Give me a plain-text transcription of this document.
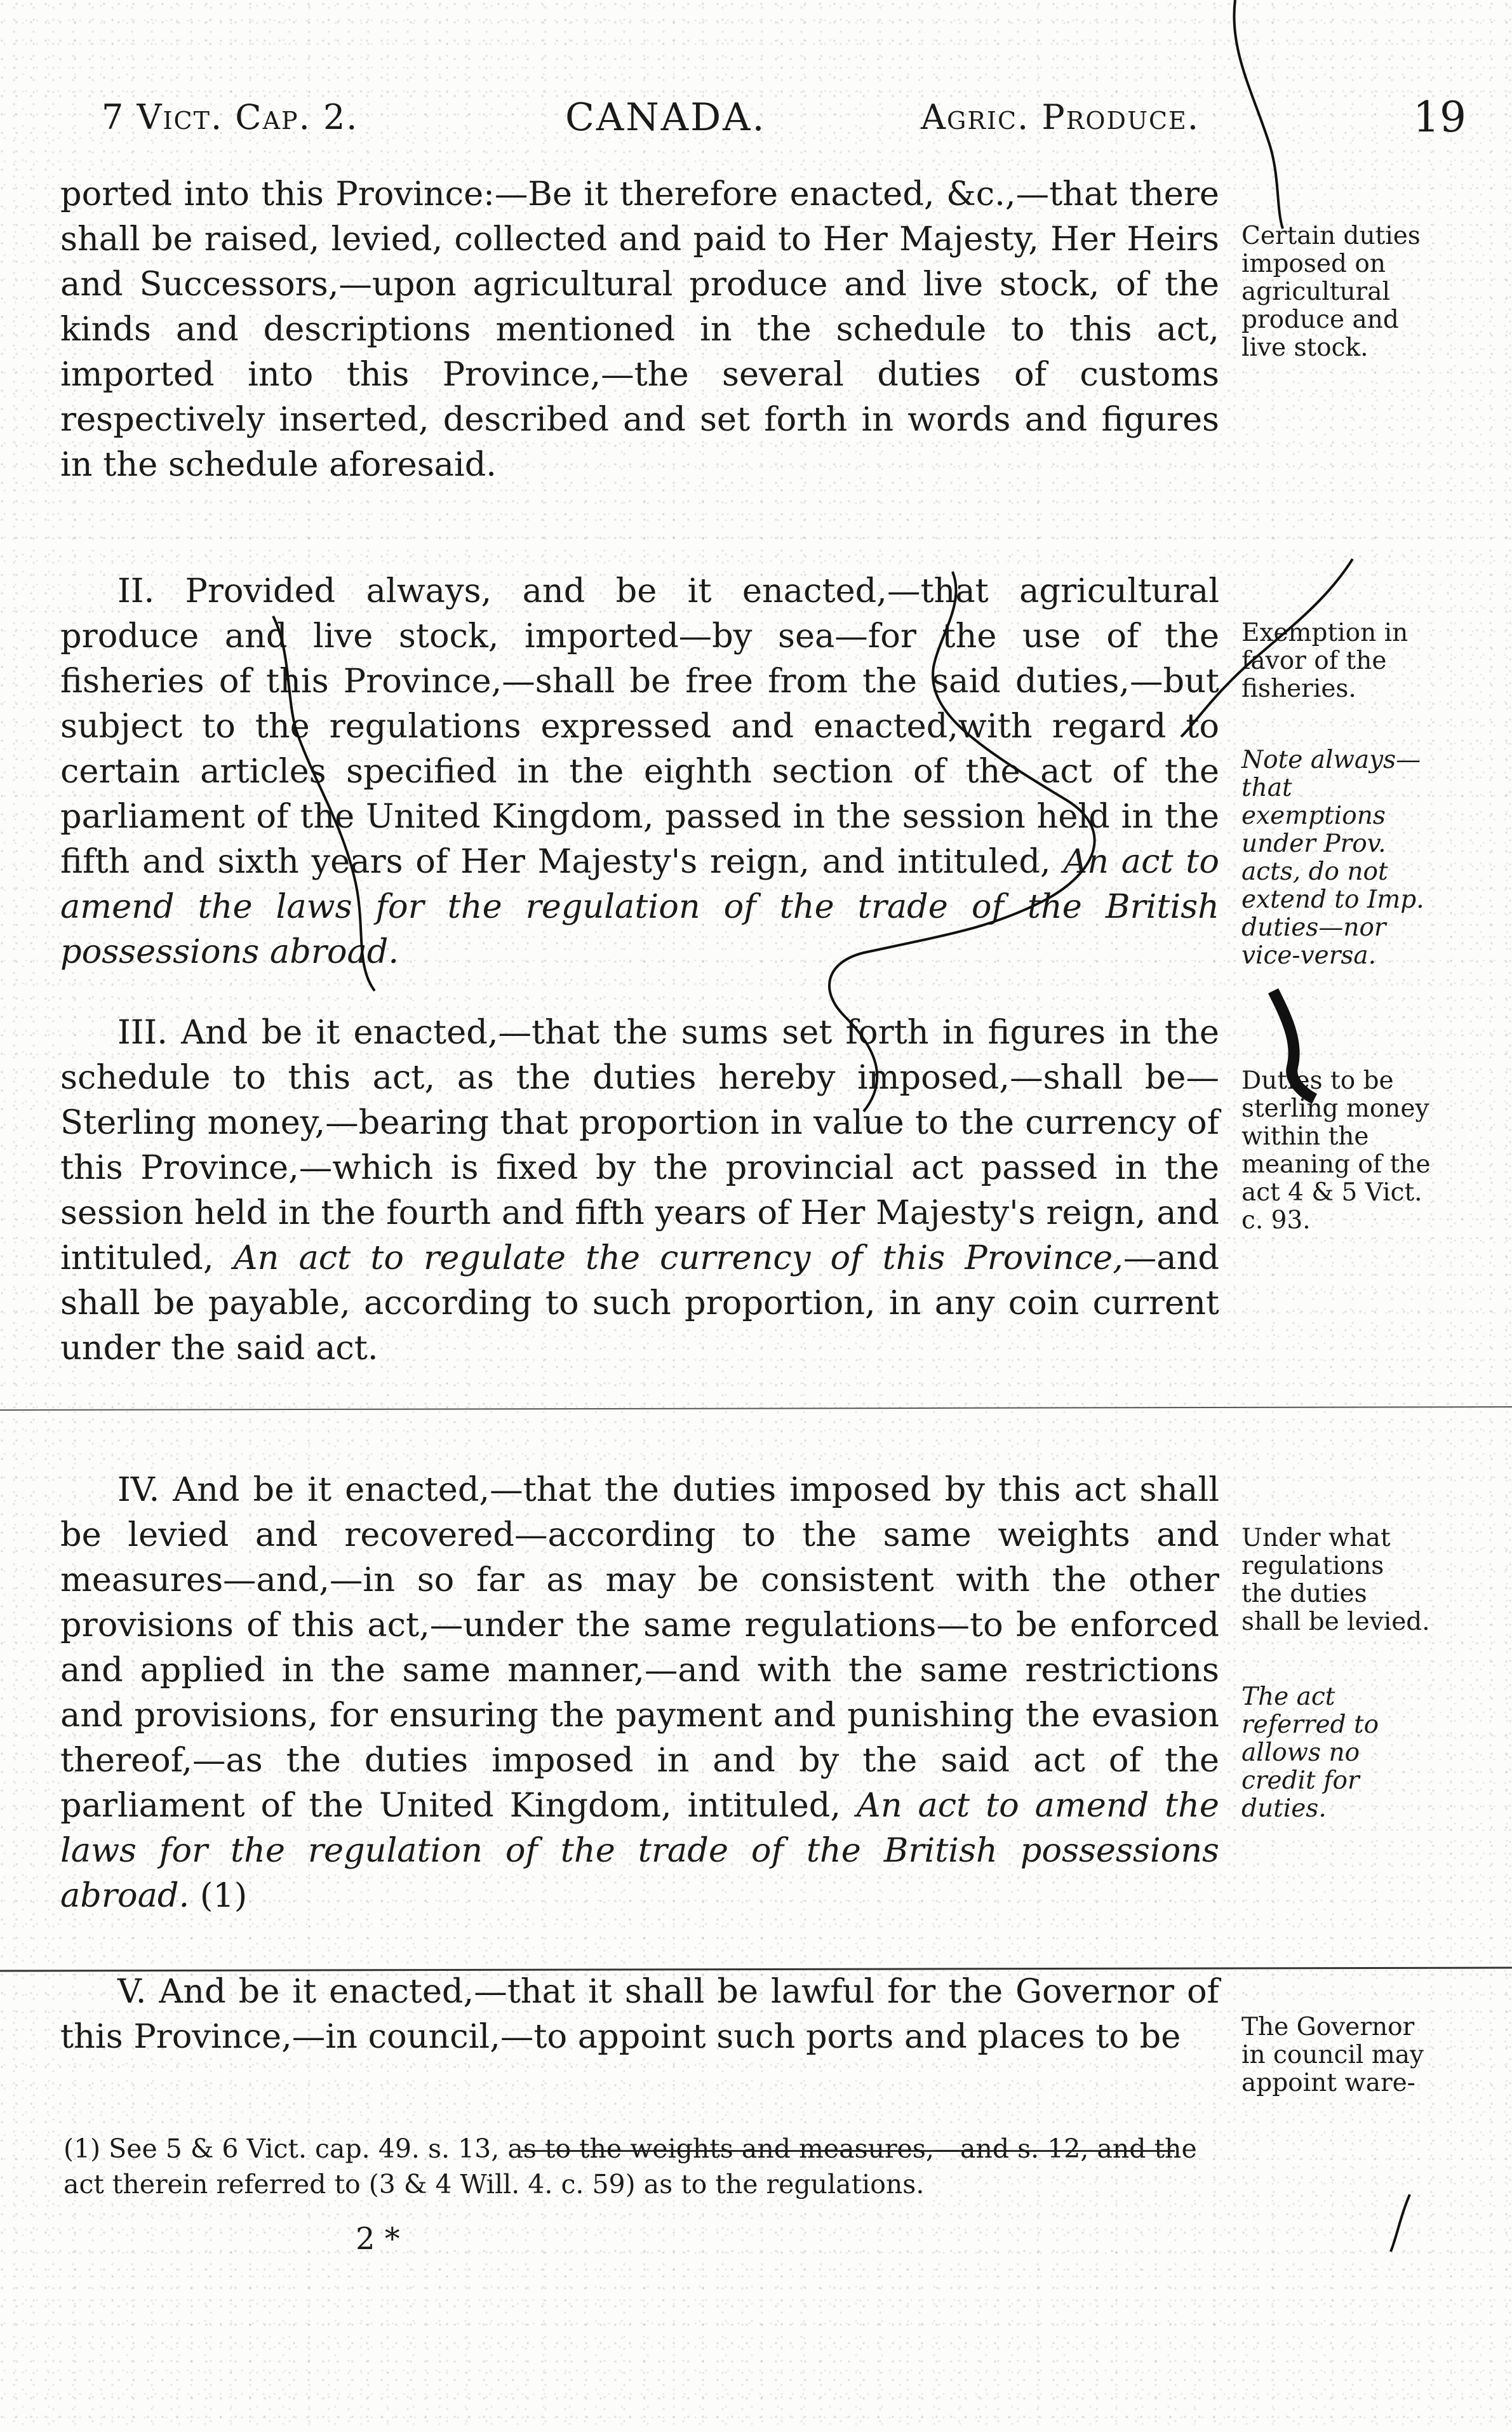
7 Vict. Cap. 2.	CANADA.	Agric. Produce.	19

ported into this Province:—Be it therefore enacted, &c.,—that there shall be raised, levied, collected and paid to Her Majesty, Her Heirs and Successors,—upon agricultural produce and live stock, of the kinds and descriptions mentioned in the schedule to this act, imported into this Province,—the several duties of customs respectively inserted, described and set forth in words and figures in the schedule aforesaid.

Certain duties imposed on agricultural produce and live stock.

II. Provided always, and be it enacted,—that agricultural produce and live stock, imported—by sea—for the use of the fisheries of this Province,—shall be free from the said duties,—but subject to the regulations expressed and enacted,with regard to certain articles specified in the eighth section of the act of the parliament of the United Kingdom, passed in the session held in the fifth and sixth years of Her Majesty's reign, and intituled, An act to amend the laws for the regulation of the trade of the British possessions abroad.

Exemption in favor of the fisheries.
Note always—that exemptions under Prov. acts, do not extend to Imp. duties—nor vice-versa.

III. And be it enacted,—that the sums set forth in figures in the schedule to this act, as the duties hereby imposed,—shall be—Sterling money,—bearing that proportion in value to the currency of this Province,—which is fixed by the provincial act passed in the session held in the fourth and fifth years of Her Majesty's reign, and intituled, An act to regulate the currency of this Province,—and shall be payable, according to such proportion, in any coin current under the said act.

Duties to be sterling money within the meaning of the act 4 & 5 Vict. c. 93.

IV. And be it enacted,—that the duties imposed by this act shall be levied and recovered—according to the same weights and measures—and,—in so far as may be consistent with the other provisions of this act,—under the same regulations—to be enforced and applied in the same manner,—and with the same restrictions and provisions, for ensuring the payment and punishing the evasion thereof,—as the duties imposed in and by the said act of the parliament of the United Kingdom, intituled, An act to amend the laws for the regulation of the trade of the British possessions abroad. (1)

Under what regulations the duties shall be levied.
The act referred to allows no credit for duties.

V. And be it enacted,—that it shall be lawful for the Governor of this Province,—in council,—to appoint such ports and places to be	The Governor in council may appoint ware-
(1) See 5 & 6 Vict. cap. 49. s. 13, as to the weights and measures,—and s. 12, and the act therein referred to (3 & 4 Will. 4. c. 59) as to the regulations.
2 *
